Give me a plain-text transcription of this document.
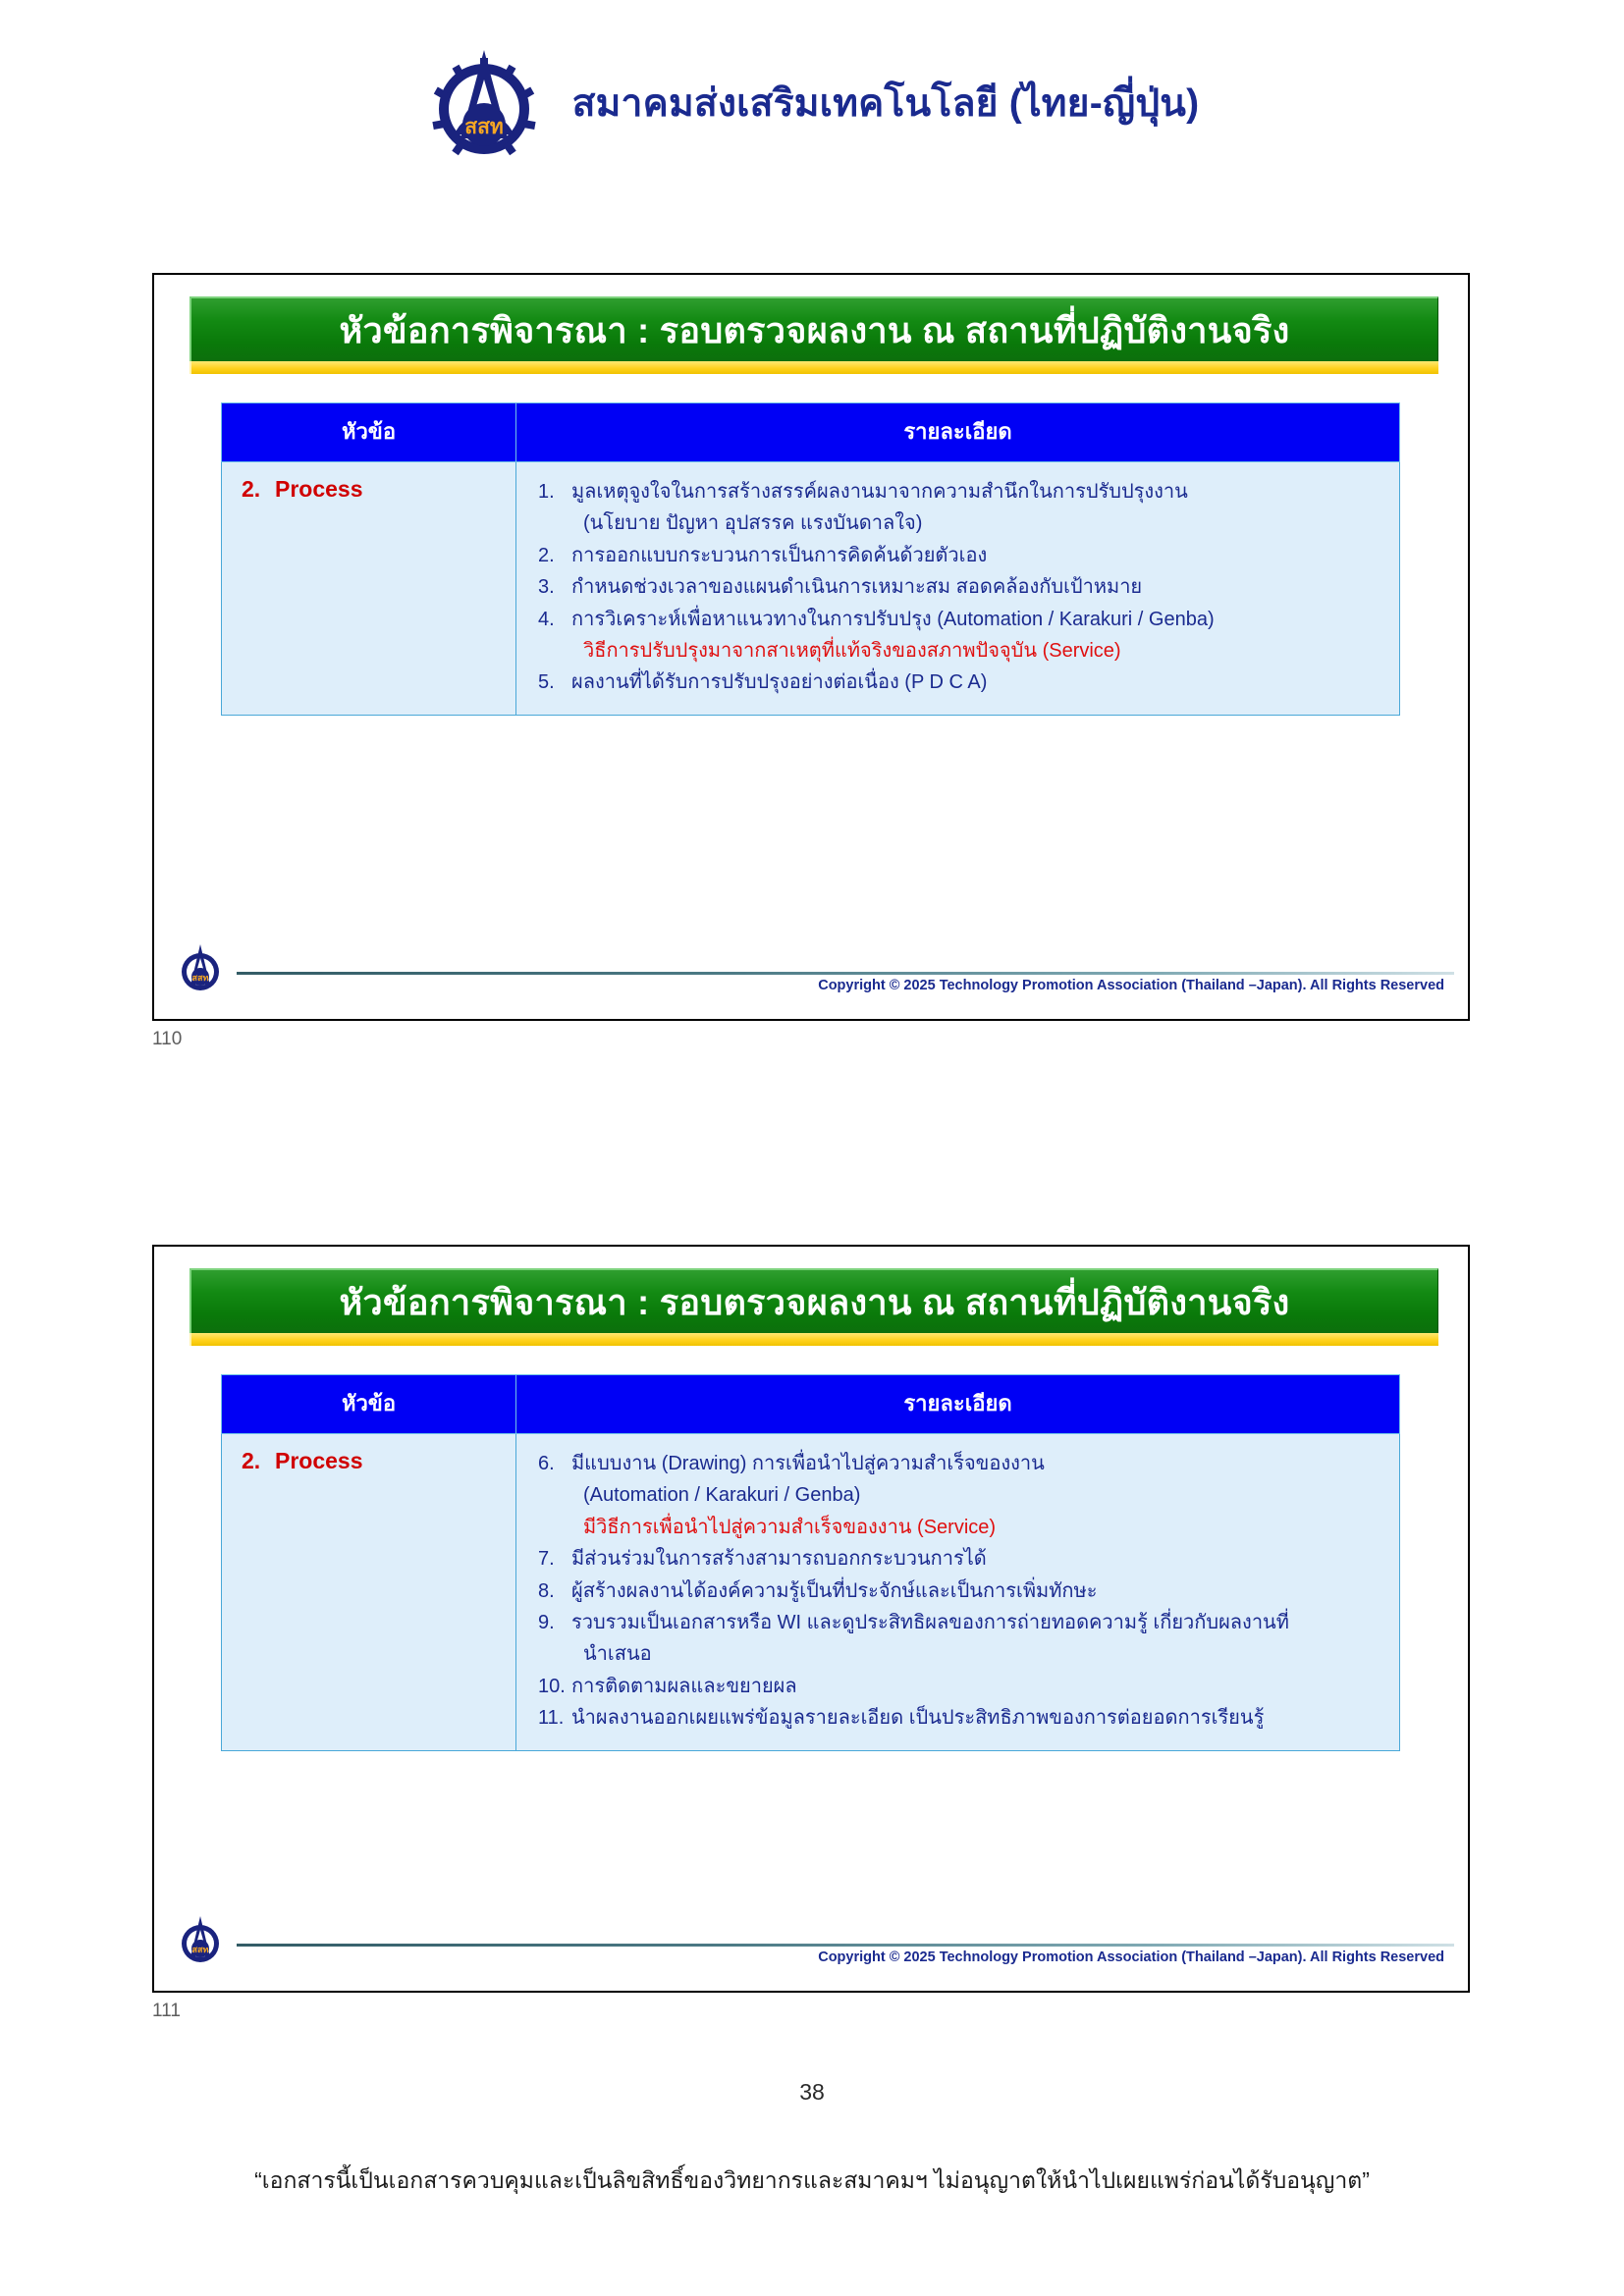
สสท
สมาคมส่งเสริมเทคโนโลยี (ไทย-ญี่ปุ่น)
หัวข้อการพิจารณา : รอบตรวจผลงาน ณ สถานที่ปฏิบัติงานจริง
หัวข้อ	รายละเอียด
2. Process	1. มูลเหตุจูงใจในการสร้างสรรค์ผลงานมาจากความสำนึกในการปรับปรุงงาน
(นโยบาย ปัญหา อุปสรรค แรงบันดาลใจ)
2. การออกแบบกระบวนการเป็นการคิดค้นด้วยตัวเอง
3. กำหนดช่วงเวลาของแผนดำเนินการเหมาะสม สอดคล้องกับเป้าหมาย
4. การวิเคราะห์เพื่อหาแนวทางในการปรับปรุง (Automation / Karakuri / Genba)
วิธีการปรับปรุงมาจากสาเหตุที่แท้จริงของสภาพปัจจุบัน (Service)
5. ผลงานที่ได้รับการปรับปรุงอย่างต่อเนื่อง (P D C A)
สสท	Copyright © 2025 Technology Promotion Association (Thailand –Japan). All Rights Reserved
110
หัวข้อการพิจารณา : รอบตรวจผลงาน ณ สถานที่ปฏิบัติงานจริง
หัวข้อ	รายละเอียด
2. Process	6. มีแบบงาน (Drawing) การเพื่อนำไปสู่ความสำเร็จของงาน
(Automation / Karakuri / Genba)
มีวิธีการเพื่อนำไปสู่ความสำเร็จของงาน (Service)
7. มีส่วนร่วมในการสร้างสามารถบอกกระบวนการได้
8. ผู้สร้างผลงานได้องค์ความรู้เป็นที่ประจักษ์และเป็นการเพิ่มทักษะ
9. รวบรวมเป็นเอกสารหรือ WI และดูประสิทธิผลของการถ่ายทอดความรู้ เกี่ยวกับผลงานที่
นำเสนอ
10. การติดตามผลและขยายผล
11. นำผลงานออกเผยแพร่ข้อมูลรายละเอียด เป็นประสิทธิภาพของการต่อยอดการเรียนรู้
สสท	Copyright © 2025 Technology Promotion Association (Thailand –Japan). All Rights Reserved
111
38
“เอกสารนี้เป็นเอกสารควบคุมและเป็นลิขสิทธิ์ของวิทยากรและสมาคมฯ ไม่อนุญาตให้นำไปเผยแพร่ก่อนได้รับอนุญาต”
